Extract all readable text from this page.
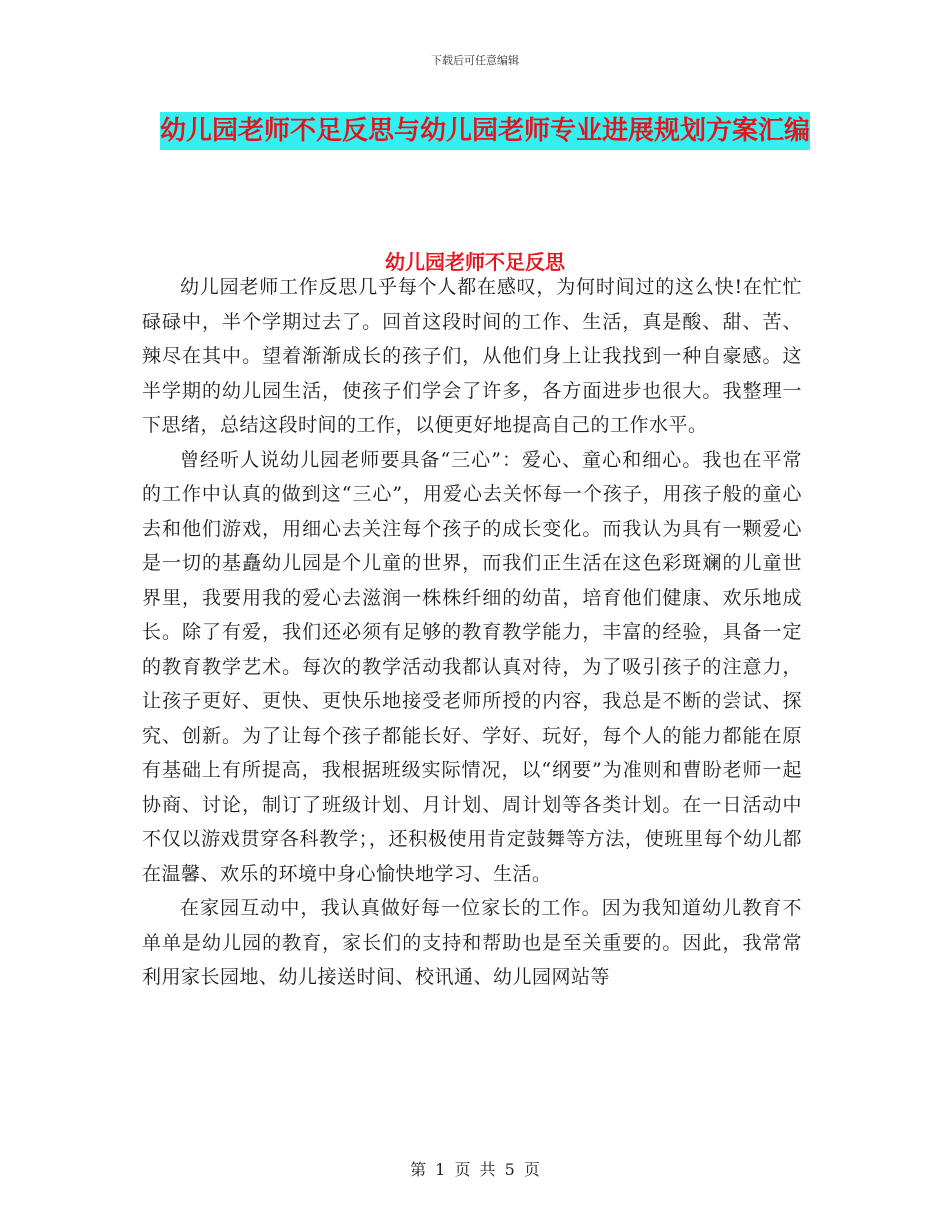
下载后可任意编辑
幼儿园老师不足反思与幼儿园老师专业进展规划方案汇编
幼儿园老师不足反思

幼儿园老师工作反思几乎每个人都在感叹，为何时间过的这么快!在忙忙碌碌中，半个学期过去了。回首这段时间的工作、生活，真是酸、甜、苦、辣尽在其中。望着渐渐成长的孩子们，从他们身上让我找到一种自豪感。这半学期的幼儿园生活，使孩子们学会了许多，各方面进步也很大。我整理一下思绪，总结这段时间的工作，以便更好地提高自己的工作水平。

曾经听人说幼儿园老师要具备“三心”：爱心、童心和细心。我也在平常的工作中认真的做到这“三心”，用爱心去关怀每一个孩子，用孩子般的童心去和他们游戏，用细心去关注每个孩子的成长变化。而我认为具有一颗爱心是一切的基矗幼儿园是个儿童的世界，而我们正生活在这色彩斑斓的儿童世界里，我要用我的爱心去滋润一株株纤细的幼苗，培育他们健康、欢乐地成长。除了有爱，我们还必须有足够的教育教学能力，丰富的经验，具备一定的教育教学艺术。每次的教学活动我都认真对待，为了吸引孩子的注意力，让孩子更好、更快、更快乐地接受老师所授的内容，我总是不断的尝试、探究、创新。为了让每个孩子都能长好、学好、玩好，每个人的能力都能在原有基础上有所提高，我根据班级实际情况，以“纲要”为准则和曹盼老师一起协商、讨论，制订了班级计划、月计划、周计划等各类计划。在一日活动中不仅以游戏贯穿各科教学；，还积极使用肯定鼓舞等方法，使班里每个幼儿都在温馨、欢乐的环境中身心愉快地学习、生活。

在家园互动中，我认真做好每一位家长的工作。因为我知道幼儿教育不单单是幼儿园的教育，家长们的支持和帮助也是至关重要的。因此，我常常利用家长园地、幼儿接送时间、校讯通、幼儿园网站等

第 1 页 共 5 页
